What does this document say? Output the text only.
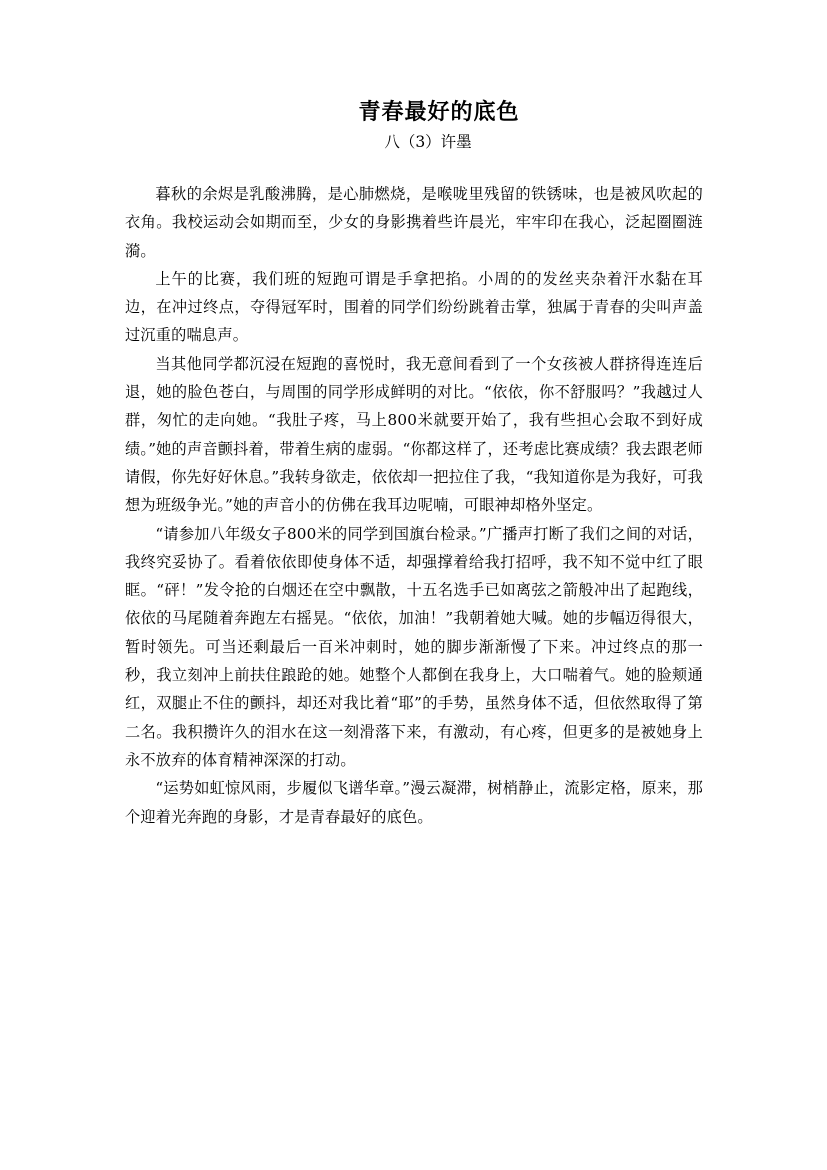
青春最好的底色
八（3）许墨

暮秋的余烬是乳酸沸腾，是心肺燃烧，是喉咙里残留的铁锈味，也是被风吹起的衣角。我校运动会如期而至，少女的身影携着些许晨光，牢牢印在我心，泛起圈圈涟漪。

上午的比赛，我们班的短跑可谓是手拿把掐。小周的的发丝夹杂着汗水黏在耳边，在冲过终点，夺得冠军时，围着的同学们纷纷跳着击掌，独属于青春的尖叫声盖过沉重的喘息声。

当其他同学都沉浸在短跑的喜悦时，我无意间看到了一个女孩被人群挤得连连后退，她的脸色苍白，与周围的同学形成鲜明的对比。“依依，你不舒服吗？”我越过人群，匆忙的走向她。“我肚子疼，马上800米就要开始了，我有些担心会取不到好成绩。”她的声音颤抖着，带着生病的虚弱。“你都这样了，还考虑比赛成绩？我去跟老师请假，你先好好休息。”我转身欲走，依依却一把拉住了我，“我知道你是为我好，可我想为班级争光。”她的声音小的仿佛在我耳边呢喃，可眼神却格外坚定。

“请参加八年级女子800米的同学到国旗台检录。”广播声打断了我们之间的对话，我终究妥协了。看着依依即使身体不适，却强撑着给我打招呼，我不知不觉中红了眼眶。“砰！”发令抢的白烟还在空中飘散，十五名选手已如离弦之箭般冲出了起跑线，依依的马尾随着奔跑左右摇晃。“依依，加油！”我朝着她大喊。她的步幅迈得很大，暂时领先。可当还剩最后一百米冲刺时，她的脚步渐渐慢了下来。冲过终点的那一秒，我立刻冲上前扶住踉跄的她。她整个人都倒在我身上，大口喘着气。她的脸颊通红，双腿止不住的颤抖，却还对我比着“耶”的手势，虽然身体不适，但依然取得了第二名。我积攒许久的泪水在这一刻滑落下来，有激动，有心疼，但更多的是被她身上永不放弃的体育精神深深的打动。

“运势如虹惊风雨，步履似飞谱华章。”漫云凝滞，树梢静止，流影定格，原来，那个迎着光奔跑的身影，才是青春最好的底色。
